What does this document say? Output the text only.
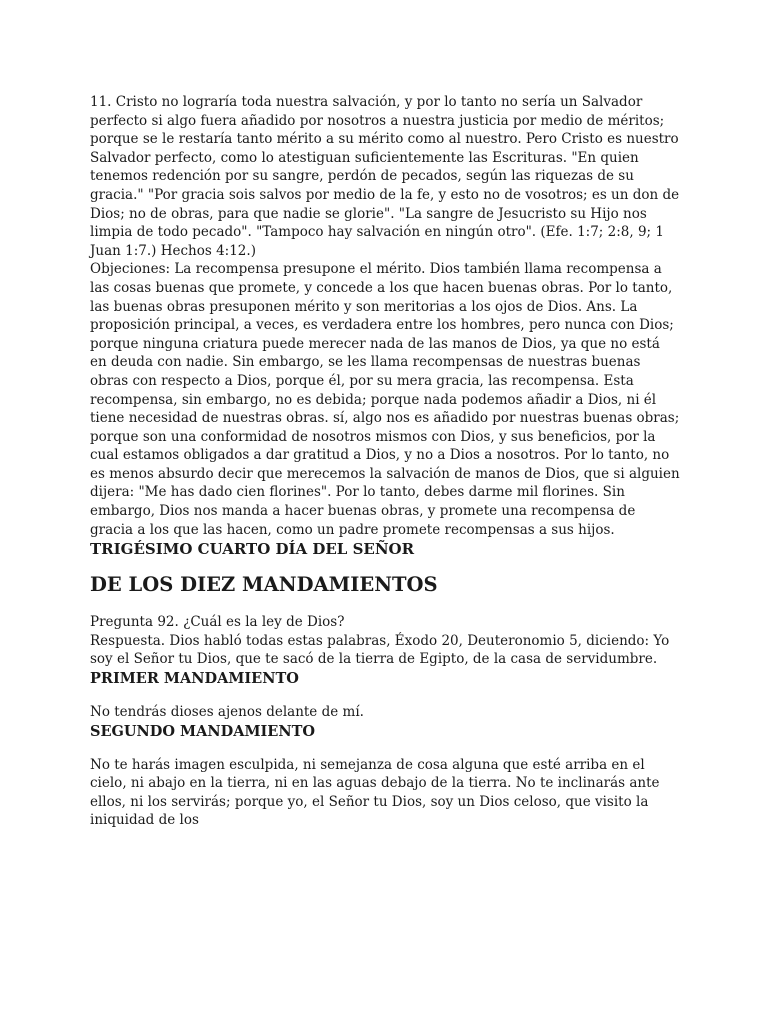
11. Cristo no lograría toda nuestra salvación, y por lo tanto no sería un Salvador perfecto si algo fuera añadido por nosotros a nuestra justicia por medio de méritos; porque se le restaría tanto mérito a su mérito como al nuestro. Pero Cristo es nuestro Salvador perfecto, como lo atestiguan suficientemente las Escrituras. "En quien tenemos redención por su sangre, perdón de pecados, según las riquezas de su gracia." "Por gracia sois salvos por medio de la fe, y esto no de vosotros; es un don de Dios; no de obras, para que nadie se glorie". "La sangre de Jesucristo su Hijo nos limpia de todo pecado". "Tampoco hay salvación en ningún otro". (Efe. 1:7; 2:8, 9; 1 Juan 1:7.) Hechos 4:12.)

Objeciones: La recompensa presupone el mérito. Dios también llama recompensa a las cosas buenas que promete, y concede a los que hacen buenas obras. Por lo tanto, las buenas obras presuponen mérito y son meritorias a los ojos de Dios. Ans. La proposición principal, a veces, es verdadera entre los hombres, pero nunca con Dios; porque ninguna criatura puede merecer nada de las manos de Dios, ya que no está en deuda con nadie. Sin embargo, se les llama recompensas de nuestras buenas obras con respecto a Dios, porque él, por su mera gracia, las recompensa. Esta recompensa, sin embargo, no es debida; porque nada podemos añadir a Dios, ni él tiene necesidad de nuestras obras. sí, algo nos es añadido por nuestras buenas obras; porque son una conformidad de nosotros mismos con Dios, y sus beneficios, por la cual estamos obligados a dar gratitud a Dios, y no a Dios a nosotros. Por lo tanto, no es menos absurdo decir que merecemos la salvación de manos de Dios, que si alguien dijera: "Me has dado cien florines". Por lo tanto, debes darme mil florines. Sin embargo, Dios nos manda a hacer buenas obras, y promete una recompensa de gracia a los que las hacen, como un padre promete recompensas a sus hijos.

TRIGÉSIMO CUARTO DÍA DEL SEÑOR
DE LOS DIEZ MANDAMIENTOS

Pregunta 92. ¿Cuál es la ley de Dios?

Respuesta. Dios habló todas estas palabras, Éxodo 20, Deuteronomio 5, diciendo: Yo soy el Señor tu Dios, que te sacó de la tierra de Egipto, de la casa de servidumbre.

PRIMER MANDAMIENTO

No tendrás dioses ajenos delante de mí.

SEGUNDO MANDAMIENTO

No te harás imagen esculpida, ni semejanza de cosa alguna que esté arriba en el cielo, ni abajo en la tierra, ni en las aguas debajo de la tierra. No te inclinarás ante ellos, ni los servirás; porque yo, el Señor tu Dios, soy un Dios celoso, que visito la iniquidad de los
